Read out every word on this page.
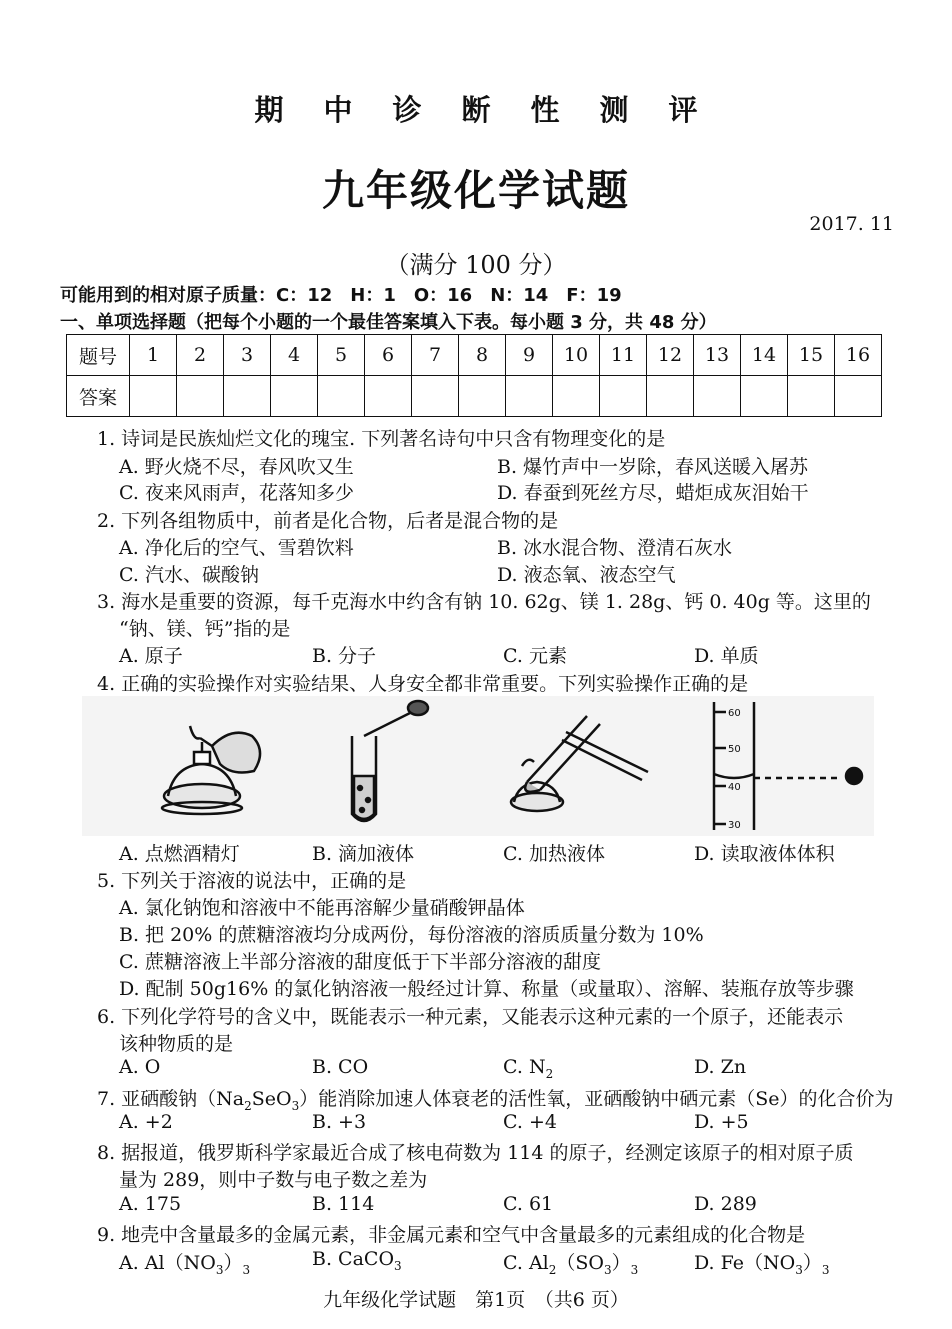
期中诊断性测评
九年级化学试题
2017. 11
（满分 100 分）
可能用到的相对原子质量：C：12　H：1　O：16　N：14　F：19
一、单项选择题（把每个小题的一个最佳答案填入下表。每小题 3 分，共 48 分）
题号	1	2	3	4	5	6	7	8	9	10	11	12	13	14	15	16
答案																
1. 诗词是民族灿烂文化的瑰宝. 下列著名诗句中只含有物理变化的是
A. 野火烧不尽，春风吹又生	B. 爆竹声中一岁除，春风送暖入屠苏
C. 夜来风雨声，花落知多少	D. 春蚕到死丝方尽，蜡炬成灰泪始干
2. 下列各组物质中，前者是化合物，后者是混合物的是
A. 净化后的空气、雪碧饮料	B. 冰水混合物、澄清石灰水
C. 汽水、碳酸钠	D. 液态氧、液态空气
3. 海水是重要的资源，每千克海水中约含有钠 10. 62g、镁 1. 28g、钙 0. 40g 等。这里的
“钠、镁、钙”指的是
A. 原子	B. 分子	C. 元素	D. 单质
4. 正确的实验操作对实验结果、人身安全都非常重要。下列实验操作正确的是
60
50
40
30
A. 点燃酒精灯	B. 滴加液体	C. 加热液体	D. 读取液体体积
5. 下列关于溶液的说法中，正确的是
A. 氯化钠饱和溶液中不能再溶解少量硝酸钾晶体
B. 把 20% 的蔗糖溶液均分成两份，每份溶液的溶质质量分数为 10%
C. 蔗糖溶液上半部分溶液的甜度低于下半部分溶液的甜度
D. 配制 50g16% 的氯化钠溶液一般经过计算、称量（或量取）、溶解、装瓶存放等步骤
6. 下列化学符号的含义中，既能表示一种元素，又能表示这种元素的一个原子，还能表示
该种物质的是
A. O	B. CO	C. $N_2$	D. Zn
7. 亚硒酸钠$(Na_2SeO_3)$能消除加速人体衰老的活性氧，亚硒酸钠中硒元素（Se）的化合价为
A. +2	B. +3	C. +4	D. +5
8. 据报道，俄罗斯科学家最近合成了核电荷数为 114 的原子，经测定该原子的相对原子质
量为 289，则中子数与电子数之差为
A. 175	B. 114	C. 61	D. 289
9. 地壳中含量最多的金属元素，非金属元素和空气中含量最多的元素组成的化合物是
A. $Al(NO_3)_3$	B. CaCO$_3$	C. $Al_2(SO_3)_3$	D. $Fe(NO_3)_3$
九年级化学试题　第1页　（共6 页）
